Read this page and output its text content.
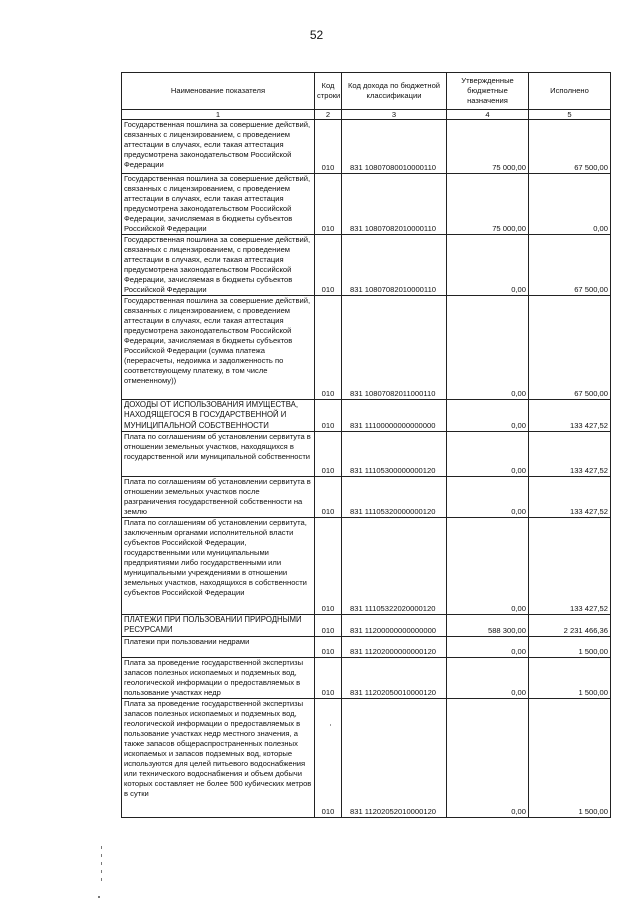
52
Наименование показателя	Код строки	Код дохода по бюджетной классификации	Утвержденные бюджетные назначения	Исполнено
1	2	3	4	5
Государственная пошлина за совершение действий, связанных с лицензированием, с проведением аттестации в случаях, если такая аттестация предусмотрена законодательством Российской Федерации	010	831 10807080010000110	75 000,00	67 500,00
Государственная пошлина за совершение действий, связанных с лицензированием, с проведением аттестации в случаях, если такая аттестация предусмотрена законодательством Российской Федерации, зачисляемая в бюджеты субъектов Российской Федерации	010	831 10807082010000110	75 000,00	0,00
Государственная пошлина за совершение действий, связанных с лицензированием, с проведением аттестации в случаях, если такая аттестация предусмотрена законодательством Российской Федерации, зачисляемая в бюджеты субъектов Российской Федерации	010	831 10807082010000110	0,00	67 500,00
Государственная пошлина за совершение действий, связанных с лицензированием, с проведением аттестации в случаях, если такая аттестация предусмотрена законодательством Российской Федерации, зачисляемая в бюджеты субъектов Российской Федерации (сумма платежа (перерасчеты, недоимка и задолженность по соответствующему платежу, в том числе отмененному))	010	831 10807082011000110	0,00	67 500,00
ДОХОДЫ ОТ ИСПОЛЬЗОВАНИЯ ИМУЩЕСТВА, НАХОДЯЩЕГОСЯ В ГОСУДАРСТВЕННОЙ И МУНИЦИПАЛЬНОЙ СОБСТВЕННОСТИ	010	831 11100000000000000	0,00	133 427,52
Плата по соглашениям об установлении сервитута в отношении земельных участков, находящихся в государственной или муниципальной собственности	010	831 11105300000000120	0,00	133 427,52
Плата по соглашениям об установлении сервитута в отношении земельных участков после разграничения государственной собственности на землю	010	831 11105320000000120	0,00	133 427,52
Плата по соглашениям об установлении сервитута, заключенным органами исполнительной власти субъектов Российской Федерации, государственными или муниципальными предприятиями либо государственными или муниципальными учреждениями в отношении земельных участков, находящихся в собственности субъектов Российской Федерации	010	831 11105322020000120	0,00	133 427,52
ПЛАТЕЖИ ПРИ ПОЛЬЗОВАНИИ ПРИРОДНЫМИ РЕСУРСАМИ	010	831 11200000000000000	588 300,00	2 231 466,36
Платежи при пользовании недрами	010	831 11202000000000120	0,00	1 500,00
Плата за проведение государственной экспертизы запасов полезных ископаемых и подземных вод, геологической информации о предоставляемых в пользование участках недр	010	831 11202050010000120	0,00	1 500,00
Плата за проведение государственной экспертизы запасов полезных ископаемых и подземных вод, геологической информации о предоставляемых в пользование участках недр местного значения, а также запасов общераспространенных полезных ископаемых и запасов подземных вод, которые используются для целей питьевого водоснабжения или технического водоснабжения и объем добычи которых составляет не более 500 кубических метров в сутки	010	831 11202052010000120	0,00	1 500,00
